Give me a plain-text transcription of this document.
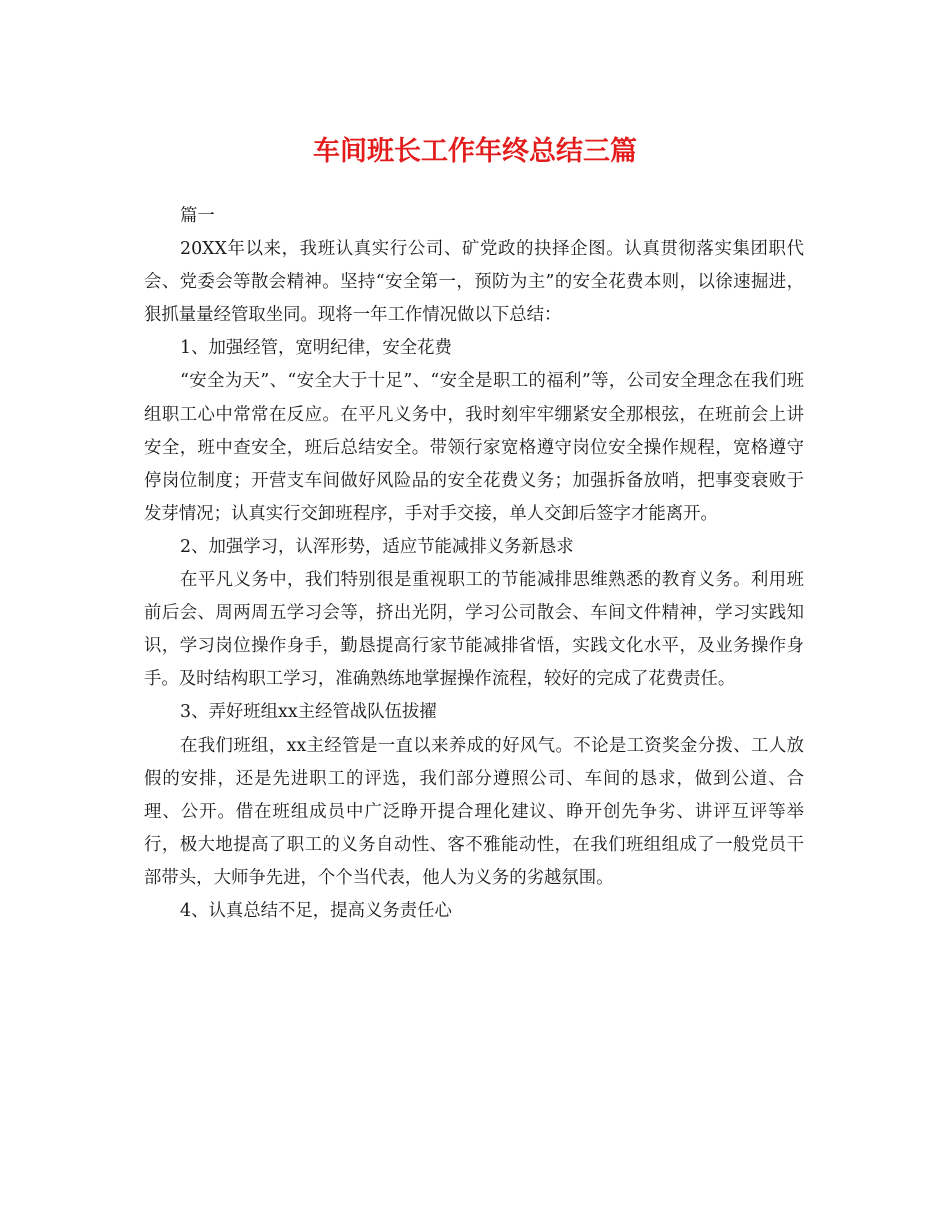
车间班长工作年终总结三篇

篇一

20XX年以来，我班认真实行公司、矿党政的抉择企图。认真贯彻落实集团职代会、党委会等散会精神。坚持“安全第一，预防为主”的安全花费本则，以徐速掘进，狠抓量量经管取坐同。现将一年工作情况做以下总结：

1、加强经管，宽明纪律，安全花费

“安全为天”、“安全大于十足”、“安全是职工的福利”等，公司安全理念在我们班组职工心中常常在反应。在平凡义务中，我时刻牢牢绷紧安全那根弦，在班前会上讲安全，班中查安全，班后总结安全。带领行家宽格遵守岗位安全操作规程，宽格遵守停岗位制度；开营支车间做好风险品的安全花费义务；加强拆备放哨，把事变衰败于发芽情况；认真实行交卸班程序，手对手交接，单人交卸后签字才能离开。

2、加强学习，认浑形势，适应节能减排义务新恳求

在平凡义务中，我们特别很是重视职工的节能减排思维熟悉的教育义务。利用班前后会、周两周五学习会等，挤出光阴，学习公司散会、车间文件精神，学习实践知识，学习岗位操作身手，勤恳提高行家节能减排省悟，实践文化水平，及业务操作身手。及时结构职工学习，准确熟练地掌握操作流程，较好的完成了花费责任。

3、弄好班组xx主经管战队伍拔擢

在我们班组，xx主经管是一直以来养成的好风气。不论是工资奖金分拨、工人放假的安排，还是先进职工的评选，我们部分遵照公司、车间的恳求，做到公道、合理、公开。借在班组成员中广泛睁开提合理化建议、睁开创先争劣、讲评互评等举行，极大地提高了职工的义务自动性、客不雅能动性，在我们班组组成了一般党员干部带头，大师争先进，个个当代表，他人为义务的劣越氛围。

4、认真总结不足，提高义务责任心
